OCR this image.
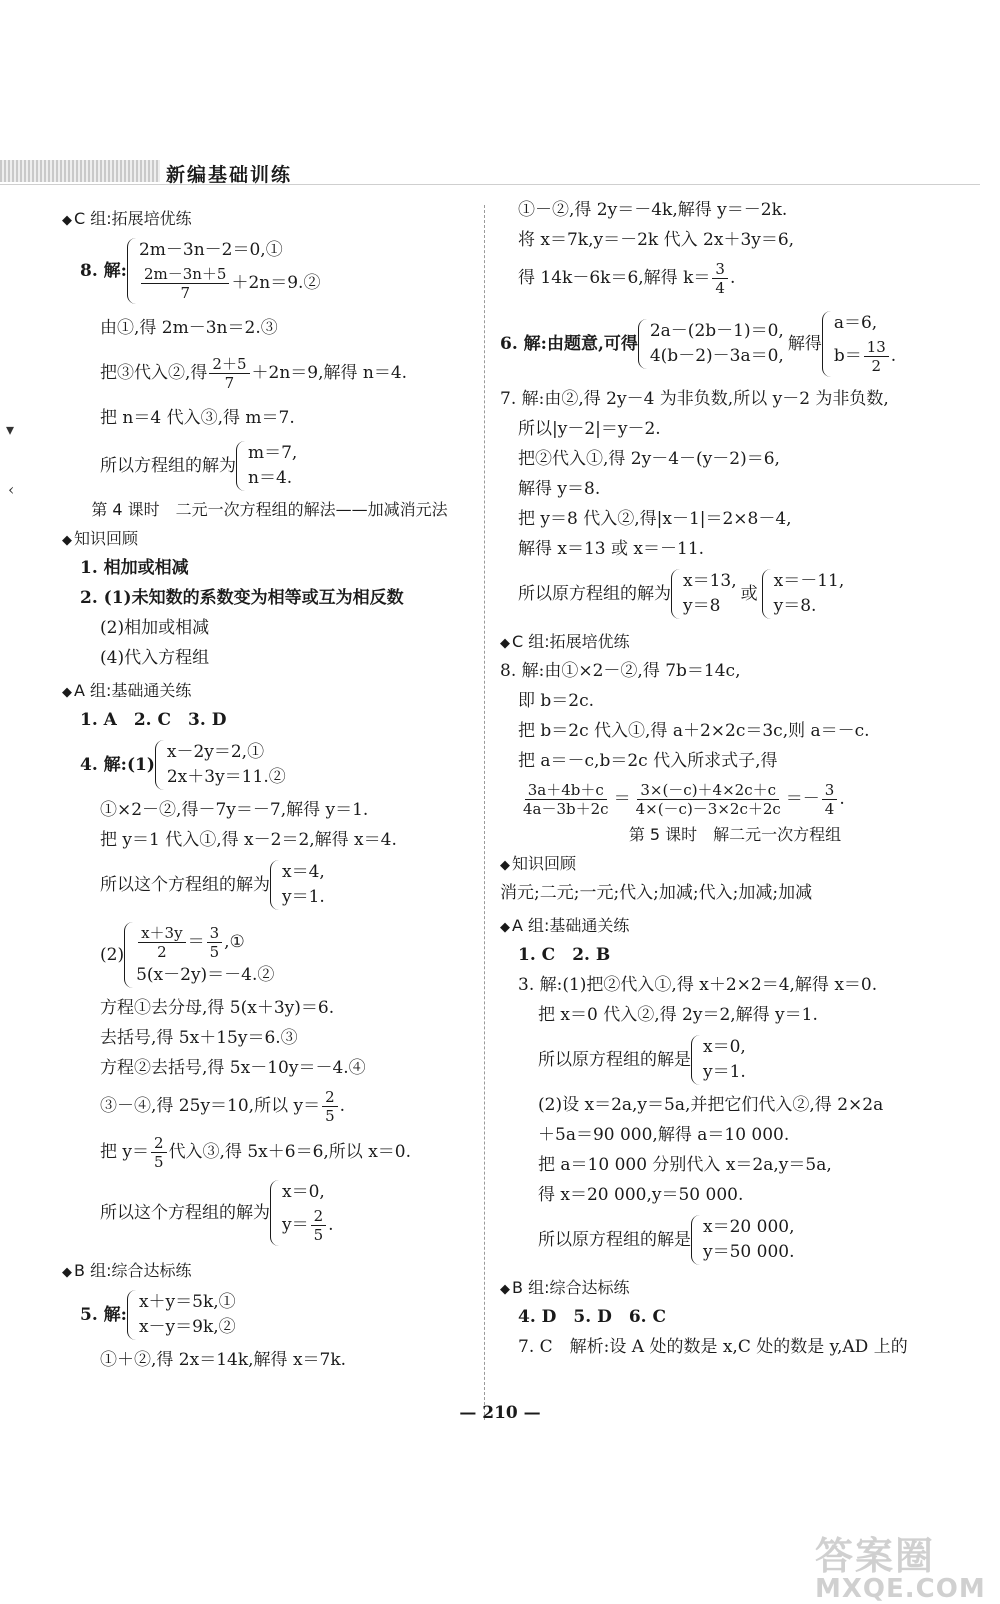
新编基础训练
▾
‹
◆ C 组:拓展培优练
8. 解:
2m－3n－2＝0,①
$\frac{2m-3n+5}{7}$ ＋2n＝9.②
由①,得 2m－3n＝2.③
把③代入②,得 $\frac{2+5}{7} +2n=9$,解得 n＝4.
把 n＝4 代入③,得 m＝7.
所以方程组的解为
m＝7,
n＝4.
第 4 课时　二元一次方程组的解法——加减消元法
◆ 知识回顾
1. 相加或相减
2. (1)未知数的系数变为相等或互为相反数
(2)相加或相减
(4)代入方程组
◆ A 组:基础通关练
1. A　2. C　3. D
4. 解:(1)
x－2y＝2,①
2x＋3y＝11.②
①×2－②,得－7y＝－7,解得 y＝1.
把 y＝1 代入①,得 x－2＝2,解得 x＝4.
所以这个方程组的解为
x＝4,
y＝1.
$(2) \frac{x+3y}{2} = \frac{3}{5}$ ,①
5(x－2y)＝－4.②
方程①去分母,得 5(x＋3y)＝6.
去括号,得 5x＋15y＝6.③
方程②去括号,得 5x－10y＝－4.④
③－④,得 25y＝10,所以 $y= \frac{2}{5}$ .
把 $y= \frac{2}{5}$ 代入③,得 5x＋6＝6,所以 x＝0.
所以这个方程组的解为
x＝0,
$y= \frac{2}{5}$ .
◆ B 组:综合达标练
5. 解:
x＋y＝5k,①
x－y＝9k,②
①＋②,得 2x＝14k,解得 x＝7k.
①－②,得 2y＝－4k,解得 y＝－2k.
将 x＝7k,y＝－2k 代入 2x＋3y＝6,
得 14k－6k＝6,解得 $k= \frac{3}{4}$ .
6. 解:由题意,可得
2a－(2b－1)＝0,
4(b－2)－3a＝0,
解得
a＝6,
$b= \frac{13}{2}$ .
7. 解:由②,得 2y－4 为非负数,所以 y－2 为非负数,
所以|y－2|＝y－2.
把②代入①,得 2y－4－(y－2)＝6,
解得 y＝8.
把 y＝8 代入②,得|x－1|＝2×8－4,
解得 x＝13 或 x＝－11.
所以原方程组的解为
x＝13,
y＝8
或
x＝－11,
y＝8.
◆ C 组:拓展培优练
8. 解:由①×2－②,得 7b＝14c,
即 b＝2c.
把 b＝2c 代入①,得 a＋2×2c＝3c,则 a＝－c.
把 a＝－c,b＝2c 代入所求式子,得
$\frac{3a+4b+c}{4a-3b+2c} = \frac{3\times(-c)+4\times 2c+c}{4\times(-c)-3\times 2c+2c} =- \frac{3}{4}$ .
第 5 课时　解二元一次方程组
◆ 知识回顾
消元;二元;一元;代入;加减;代入;加减;加减
◆ A 组:基础通关练
1. C　2. B
3. 解:(1)把②代入①,得 x＋2×2＝4,解得 x＝0.
把 x＝0 代入②,得 2y＝2,解得 y＝1.
所以原方程组的解是
x＝0,
y＝1.
(2)设 x＝2a,y＝5a,并把它们代入②,得 2×2a
＋5a＝90 000,解得 a＝10 000.
把 a＝10 000 分别代入 x＝2a,y＝5a,
得 x＝20 000,y＝50 000.
所以原方程组的解是
x＝20 000,
y＝50 000.
◆ B 组:综合达标练
4. D　5. D　6. C
7. C　解析:设 A 处的数是 x,C 处的数是 y,AD 上的
— 210 —
答案圈
MXQE.COM
